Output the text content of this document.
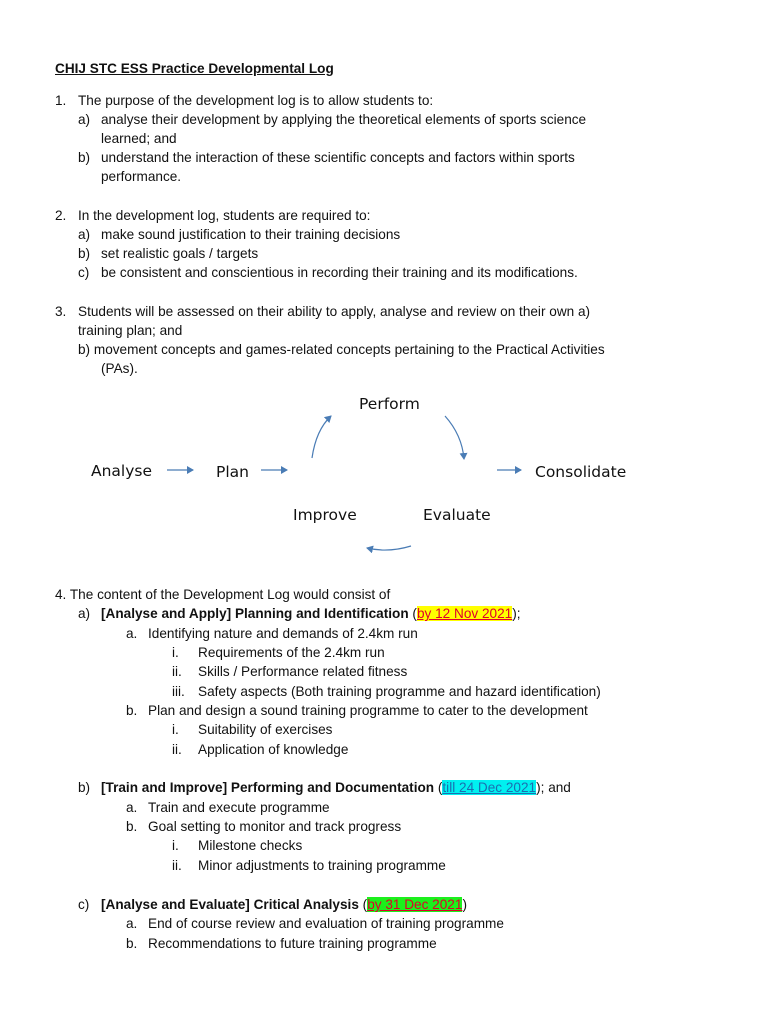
CHIJ STC ESS Practice Developmental Log
1. The purpose of the development log is to allow students to:
a) analyse their development by applying the theoretical elements of sports science
learned; and
b) understand the interaction of these scientific concepts and factors within sports
performance.
2. In the development log, students are required to:
a) make sound justification to their training decisions
b) set realistic goals / targets
c) be consistent and conscientious in recording their training and its modifications.
3. Students will be assessed on their ability to apply, analyse and review on their own a)
training plan; and
b) movement concepts and games-related concepts pertaining to the Practical Activities
(PAs).
Analyse	Plan
Perform
Consolidate
Improve	Evaluate
4. The content of the Development Log would consist of
a) [Analyse and Apply] Planning and Identification (by 12 Nov 2021);
a. Identifying nature and demands of 2.4km run
i. Requirements of the 2.4km run
ii. Skills / Performance related fitness
iii. Safety aspects (Both training programme and hazard identification)
b. Plan and design a sound training programme to cater to the development
i. Suitability of exercises
ii. Application of knowledge
b) [Train and Improve] Performing and Documentation (till 24 Dec 2021); and
a. Train and execute programme
b. Goal setting to monitor and track progress
i. Milestone checks
ii. Minor adjustments to training programme
c) [Analyse and Evaluate] Critical Analysis (by 31 Dec 2021)
a. End of course review and evaluation of training programme
b. Recommendations to future training programme
